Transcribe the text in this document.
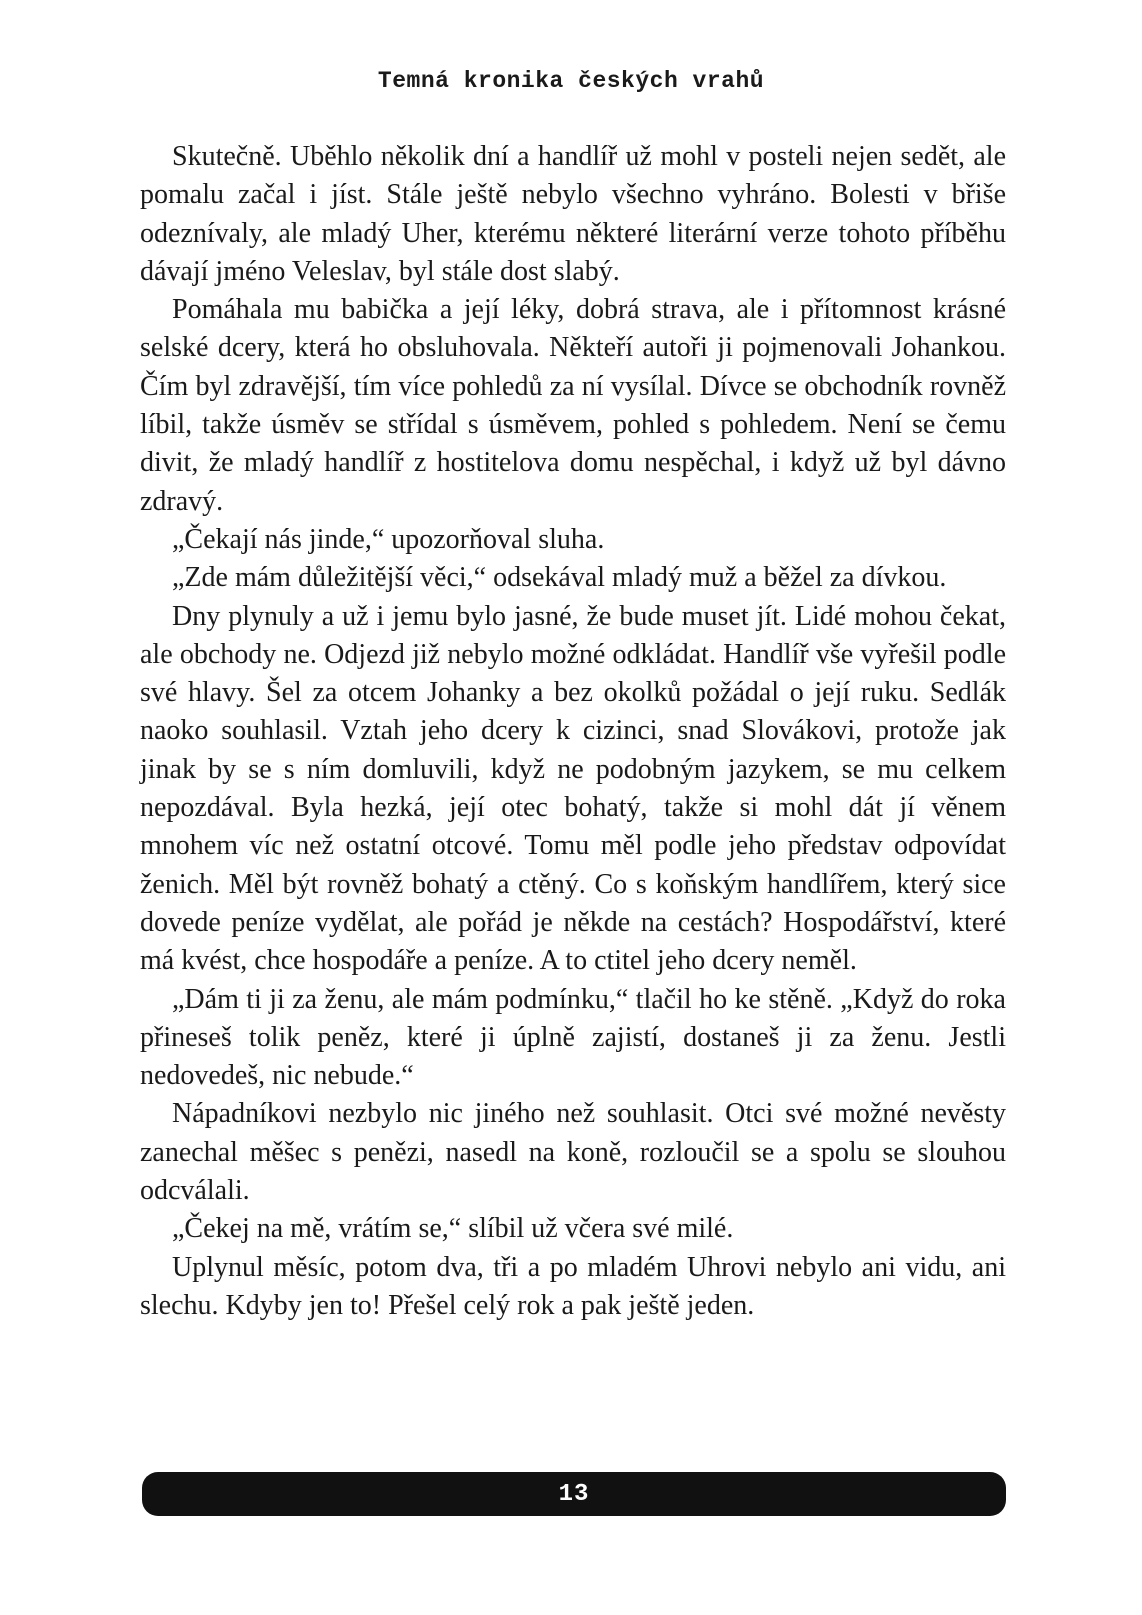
Temná kronika českých vrahů

Skutečně. Uběhlo několik dní a handlíř už mohl v posteli nejen sedět, ale pomalu začal i jíst. Stále ještě nebylo všechno vyhráno. Bolesti v břiše odeznívaly, ale mladý Uher, kterému některé literární verze tohoto příběhu dávají jméno Veleslav, byl stále dost slabý.

Pomáhala mu babička a její léky, dobrá strava, ale i přítomnost krásné selské dcery, která ho obsluhovala. Někteří autoři ji pojmenovali Johankou. Čím byl zdravější, tím více pohledů za ní vysílal. Dívce se obchodník rovněž líbil, takže úsměv se střídal s úsměvem, pohled s pohledem. Není se čemu divit, že mladý handlíř z hostitelova domu nespěchal, i když už byl dávno zdravý.

„Čekají nás jinde,“ upozorňoval sluha.

„Zde mám důležitější věci,“ odsekával mladý muž a běžel za dívkou.

Dny plynuly a už i jemu bylo jasné, že bude muset jít. Lidé mohou čekat, ale obchody ne. Odjezd již nebylo možné odkládat. Handlíř vše vyřešil podle své hlavy. Šel za otcem Johanky a bez okolků požádal o její ruku. Sedlák naoko souhlasil. Vztah jeho dcery k cizinci, snad Slovákovi, protože jak jinak by se s ním domluvili, když ne podobným jazykem, se mu celkem nepozdával. Byla hezká, její otec bohatý, takže si mohl dát jí věnem mnohem víc než ostatní otcové. Tomu měl podle jeho představ odpovídat ženich. Měl být rovněž bohatý a ctěný. Co s koňským handlířem, který sice dovede peníze vydělat, ale pořád je někde na cestách? Hospodářství, které má kvést, chce hospodáře a peníze. A to ctitel jeho dcery neměl.

„Dám ti ji za ženu, ale mám podmínku,“ tlačil ho ke stěně. „Když do roka přineseš tolik peněz, které ji úplně zajistí, dostaneš ji za ženu. Jestli nedovedeš, nic nebude.“

Nápadníkovi nezbylo nic jiného než souhlasit. Otci své možné nevěsty zanechal měšec s penězi, nasedl na koně, rozloučil se a spolu se slouhou odcválali.

„Čekej na mě, vrátím se,“ slíbil už včera své milé.

Uplynul měsíc, potom dva, tři a po mladém Uhrovi nebylo ani vidu, ani slechu. Kdyby jen to! Přešel celý rok a pak ještě jeden.

13
